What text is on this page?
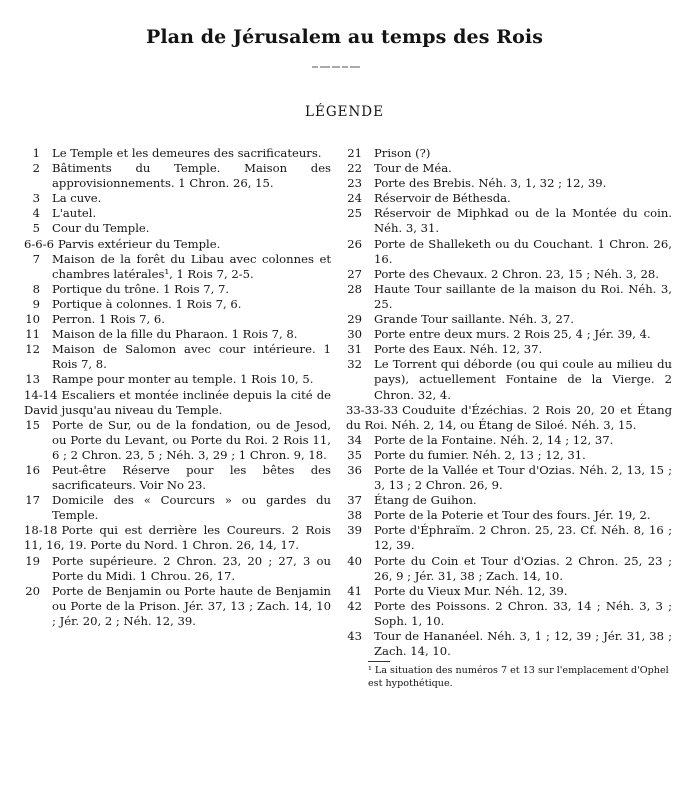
Plan de Jérusalem au temps des Rois
LÉGENDE
1 Le Temple et les demeures des sacrificateurs.
2 Bâtiments du Temple. Maison des approvisionnements. 1 Chron. 26, 15.
3 La cuve.
4 L'autel.
5 Cour du Temple.
6-6-6 Parvis extérieur du Temple.
7 Maison de la forêt du Libau avec colonnes et chambres latérales¹, 1 Rois 7, 2-5.
8 Portique du trône. 1 Rois 7, 7.
9 Portique à colonnes. 1 Rois 7, 6.
10 Perron. 1 Rois 7, 6.
11 Maison de la fille du Pharaon. 1 Rois 7, 8.
12 Maison de Salomon avec cour intérieure. 1 Rois 7, 8.
13 Rampe pour monter au temple. 1 Rois 10, 5.
14-14 Escaliers et montée inclinée depuis la cité de David jusqu'au niveau du Temple.
15 Porte de Sur, ou de la fondation, ou de Jesod, ou Porte du Levant, ou Porte du Roi. 2 Rois 11, 6 ; 2 Chron. 23, 5 ; Néh. 3, 29 ; 1 Chron. 9, 18.
16 Peut-être Réserve pour les bêtes des sacrificateurs. Voir No 23.
17 Domicile des « Courcurs » ou gardes du Temple.
18-18 Porte qui est derrière les Coureurs. 2 Rois 11, 16, 19. Porte du Nord. 1 Chron. 26, 14, 17.
19 Porte supérieure. 2 Chron. 23, 20 ; 27, 3 ou Porte du Midi. 1 Chrou. 26, 17.
20 Porte de Benjamin ou Porte haute de Benjamin ou Porte de la Prison. Jér. 37, 13 ; Zach. 14, 10 ; Jér. 20, 2 ; Néh. 12, 39.
21 Prison (?)
22 Tour de Méa.
23 Porte des Brebis. Néh. 3, 1, 32 ; 12, 39.
24 Réservoir de Béthesda.
25 Réservoir de Miphkad ou de la Montée du coin. Néh. 3, 31.
26 Porte de Shalleketh ou du Couchant. 1 Chron. 26, 16.
27 Porte des Chevaux. 2 Chron. 23, 15 ; Néh. 3, 28.
28 Haute Tour saillante de la maison du Roi. Néh. 3, 25.
29 Grande Tour saillante. Néh. 3, 27.
30 Porte entre deux murs. 2 Rois 25, 4 ; Jér. 39, 4.
31 Porte des Eaux. Néh. 12, 37.
32 Le Torrent qui déborde (ou qui coule au milieu du pays), actuellement Fontaine de la Vierge. 2 Chron. 32, 4.
33-33-33 Couduite d'Ézéchias. 2 Rois 20, 20 et Étang du Roi. Néh. 2, 14, ou Étang de Siloé. Néh. 3, 15.
34 Porte de la Fontaine. Néh. 2, 14 ; 12, 37.
35 Porte du fumier. Néh. 2, 13 ; 12, 31.
36 Porte de la Vallée et Tour d'Ozias. Néh. 2, 13, 15 ; 3, 13 ; 2 Chron. 26, 9.
37 Étang de Guihon.
38 Porte de la Poterie et Tour des fours. Jér. 19, 2.
39 Porte d'Éphraïm. 2 Chron. 25, 23. Cf. Néh. 8, 16 ; 12, 39.
40 Porte du Coin et Tour d'Ozias. 2 Chron. 25, 23 ; 26, 9 ; Jér. 31, 38 ; Zach. 14, 10.
41 Porte du Vieux Mur. Néh. 12, 39.
42 Porte des Poissons. 2 Chron. 33, 14 ; Néh. 3, 3 ; Soph. 1, 10.
43 Tour de Hananéel. Néh. 3, 1 ; 12, 39 ; Jér. 31, 38 ; Zach. 14, 10.
¹ La situation des numéros 7 et 13 sur l'emplacement d'Ophel est hypothétique.
